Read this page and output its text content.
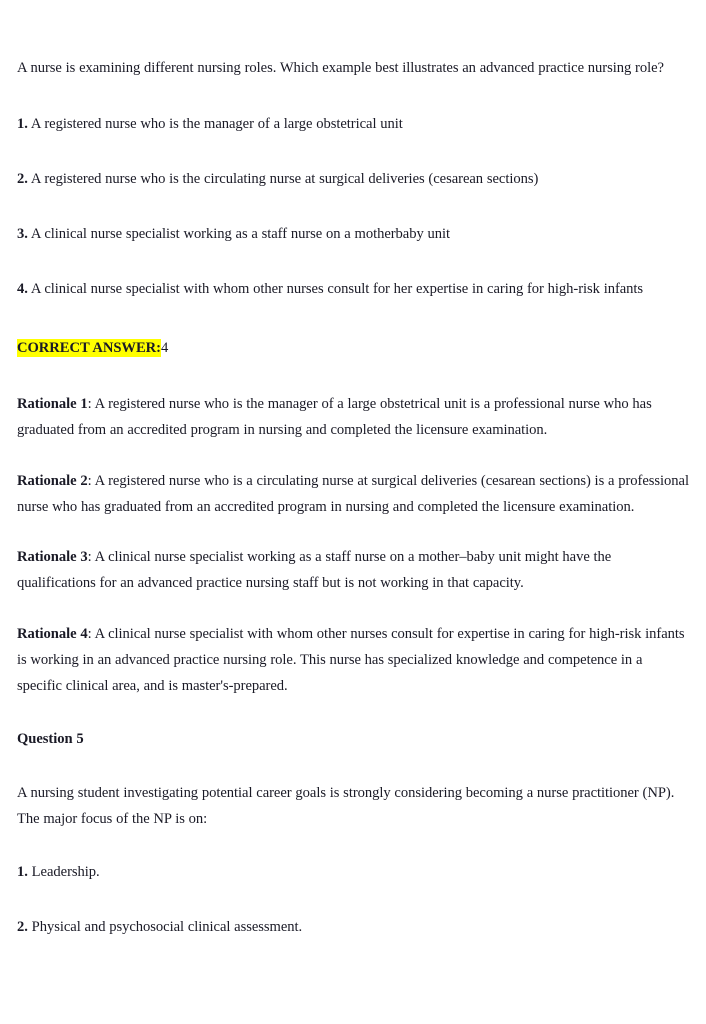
A nurse is examining different nursing roles. Which example best illustrates an advanced practice nursing role?

1. A registered nurse who is the manager of a large obstetrical unit

2. A registered nurse who is the circulating nurse at surgical deliveries (cesarean sections)

3. A clinical nurse specialist working as a staff nurse on a motherbaby unit

4. A clinical nurse specialist with whom other nurses consult for her expertise in caring for high-risk infants

CORRECT ANSWER:4

Rationale 1: A registered nurse who is the manager of a large obstetrical unit is a professional nurse who has graduated from an accredited program in nursing and completed the licensure examination.

Rationale 2: A registered nurse who is a circulating nurse at surgical deliveries (cesarean sections) is a professional nurse who has graduated from an accredited program in nursing and completed the licensure examination.

Rationale 3: A clinical nurse specialist working as a staff nurse on a mother–baby unit might have the qualifications for an advanced practice nursing staff but is not working in that capacity.

Rationale 4: A clinical nurse specialist with whom other nurses consult for expertise in caring for high-risk infants is working in an advanced practice nursing role. This nurse has specialized knowledge and competence in a specific clinical area, and is master's-prepared.

Question 5

A nursing student investigating potential career goals is strongly considering becoming a nurse practitioner (NP). The major focus of the NP is on:

1. Leadership.

2. Physical and psychosocial clinical assessment.
